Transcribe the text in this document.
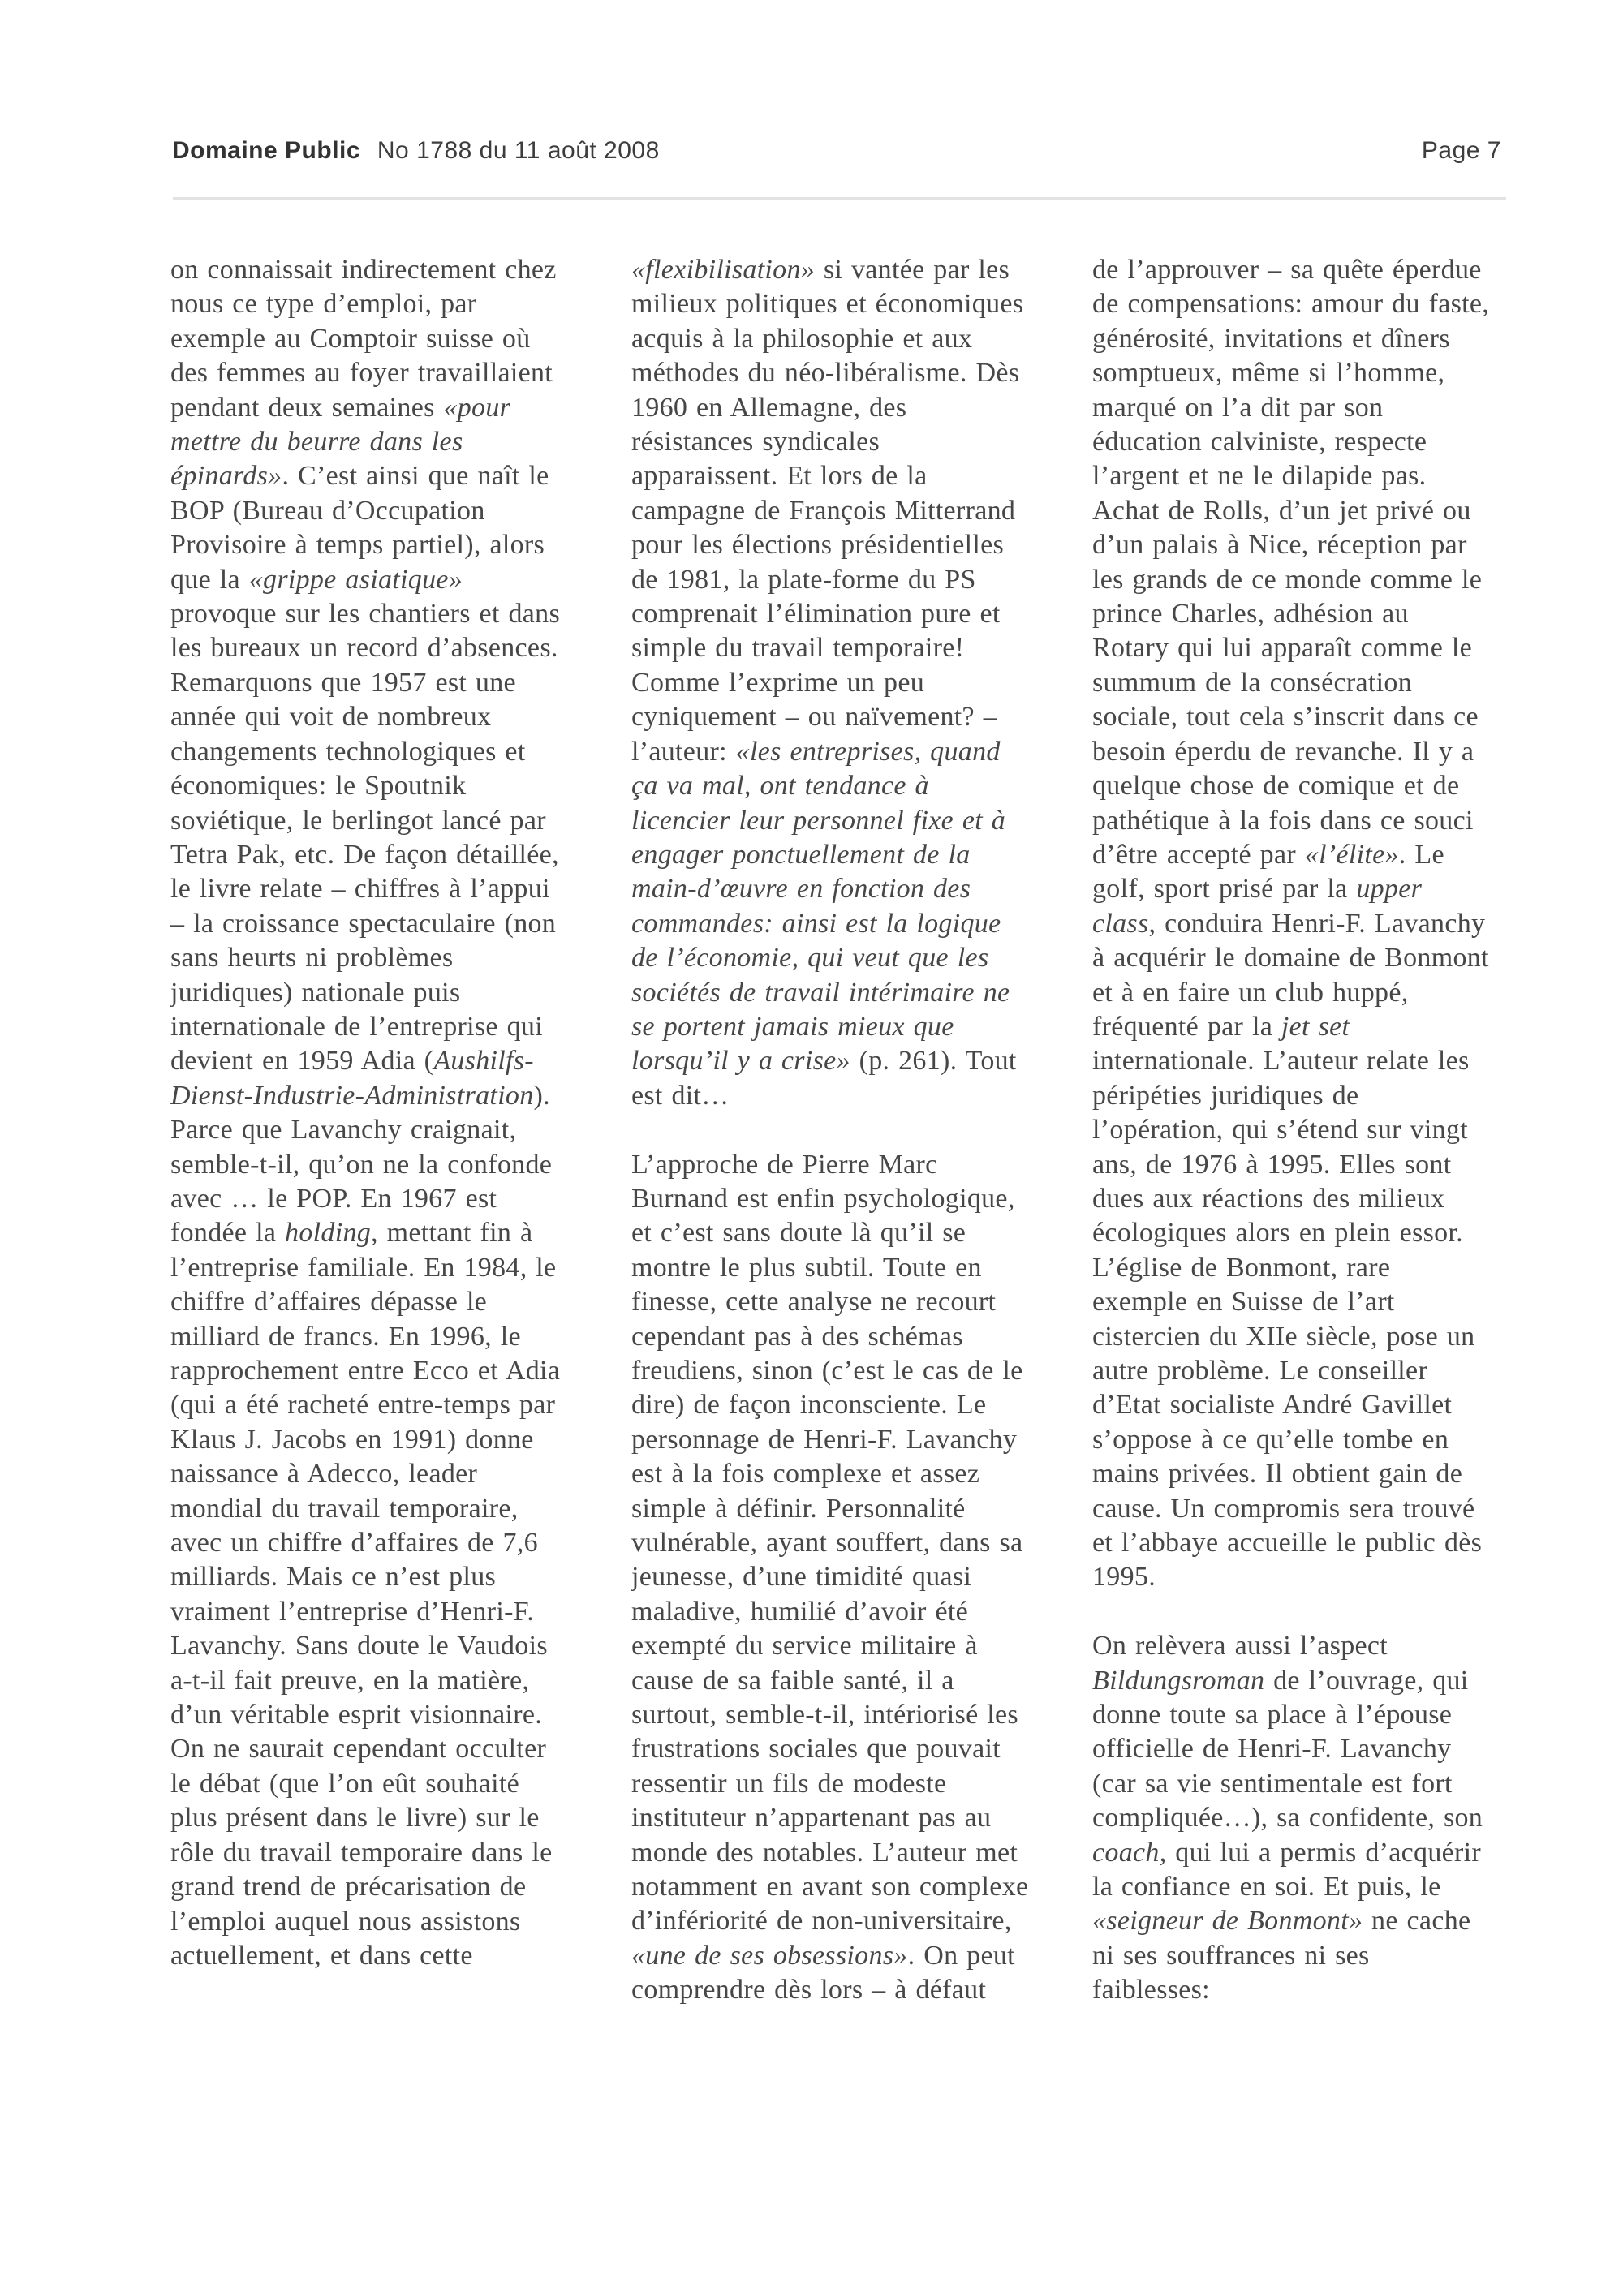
Domaine Public No 1788 du 11 août 2008	Page 7

on connaissait indirectement chez nous ce type d’emploi, par exemple au Comptoir suisse où des femmes au foyer travaillaient pendant deux semaines «pour mettre du beurre dans les épinards». C’est ainsi que naît le BOP (Bureau d’Occupation Provisoire à temps partiel), alors que la «grippe asiatique» provoque sur les chantiers et dans les bureaux un record d’absences. Remarquons que 1957 est une année qui voit de nombreux changements technologiques et économiques: le Spoutnik soviétique, le berlingot lancé par Tetra Pak, etc. De façon détaillée, le livre relate – chiffres à l’appui – la croissance spectaculaire (non sans heurts ni problèmes juridiques) nationale puis internationale de l’entreprise qui devient en 1959 Adia (Aushilfs-Dienst-Industrie-Administration). Parce que Lavanchy craignait, semble-t-il, qu’on ne la confonde avec … le POP. En 1967 est fondée la holding, mettant fin à l’entreprise familiale. En 1984, le chiffre d’affaires dépasse le milliard de francs. En 1996, le rapprochement entre Ecco et Adia (qui a été racheté entre-temps par Klaus J. Jacobs en 1991) donne naissance à Adecco, leader mondial du travail temporaire, avec un chiffre d’affaires de 7,6 milliards. Mais ce n’est plus vraiment l’entreprise d’Henri-F. Lavanchy. Sans doute le Vaudois a-t-il fait preuve, en la matière, d’un véritable esprit visionnaire. On ne saurait cependant occulter le débat (que l’on eût souhaité plus présent dans le livre) sur le rôle du travail temporaire dans le grand trend de précarisation de l’emploi auquel nous assistons actuellement, et dans cette

«flexibilisation» si vantée par les milieux politiques et économiques acquis à la philosophie et aux méthodes du néo-libéralisme. Dès 1960 en Allemagne, des résistances syndicales apparaissent. Et lors de la campagne de François Mitterrand pour les élections présidentielles de 1981, la plate-forme du PS comprenait l’élimination pure et simple du travail temporaire! Comme l’exprime un peu cyniquement – ou naïvement? – l’auteur: «les entreprises, quand ça va mal, ont tendance à licencier leur personnel fixe et à engager ponctuellement de la main-d’œuvre en fonction des commandes: ainsi est la logique de l’économie, qui veut que les sociétés de travail intérimaire ne se portent jamais mieux que lorsqu’il y a crise» (p. 261). Tout est dit…

L’approche de Pierre Marc Burnand est enfin psychologique, et c’est sans doute là qu’il se montre le plus subtil. Toute en finesse, cette analyse ne recourt cependant pas à des schémas freudiens, sinon (c’est le cas de le dire) de façon inconsciente. Le personnage de Henri-F. Lavanchy est à la fois complexe et assez simple à définir. Personnalité vulnérable, ayant souffert, dans sa jeunesse, d’une timidité quasi maladive, humilié d’avoir été exempté du service militaire à cause de sa faible santé, il a surtout, semble-t-il, intériorisé les frustrations sociales que pouvait ressentir un fils de modeste instituteur n’appartenant pas au monde des notables. L’auteur met notamment en avant son complexe d’infériorité de non-universitaire, «une de ses obsessions». On peut comprendre dès lors – à défaut

de l’approuver – sa quête éperdue de compensations: amour du faste, générosité, invitations et dîners somptueux, même si l’homme, marqué on l’a dit par son éducation calviniste, respecte l’argent et ne le dilapide pas. Achat de Rolls, d’un jet privé ou d’un palais à Nice, réception par les grands de ce monde comme le prince Charles, adhésion au Rotary qui lui apparaît comme le summum de la consécration sociale, tout cela s’inscrit dans ce besoin éperdu de revanche. Il y a quelque chose de comique et de pathétique à la fois dans ce souci d’être accepté par «l’élite». Le golf, sport prisé par la upper class, conduira Henri-F. Lavanchy à acquérir le domaine de Bonmont et à en faire un club huppé, fréquenté par la jet set internationale. L’auteur relate les péripéties juridiques de l’opération, qui s’étend sur vingt ans, de 1976 à 1995. Elles sont dues aux réactions des milieux écologiques alors en plein essor. L’église de Bonmont, rare exemple en Suisse de l’art cistercien du XIIe siècle, pose un autre problème. Le conseiller d’Etat socialiste André Gavillet s’oppose à ce qu’elle tombe en mains privées. Il obtient gain de cause. Un compromis sera trouvé et l’abbaye accueille le public dès 1995.

On relèvera aussi l’aspect Bildungsroman de l’ouvrage, qui donne toute sa place à l’épouse officielle de Henri-F. Lavanchy (car sa vie sentimentale est fort compliquée…), sa confidente, son coach, qui lui a permis d’acquérir la confiance en soi. Et puis, le «seigneur de Bonmont» ne cache ni ses souffrances ni ses faiblesses:
